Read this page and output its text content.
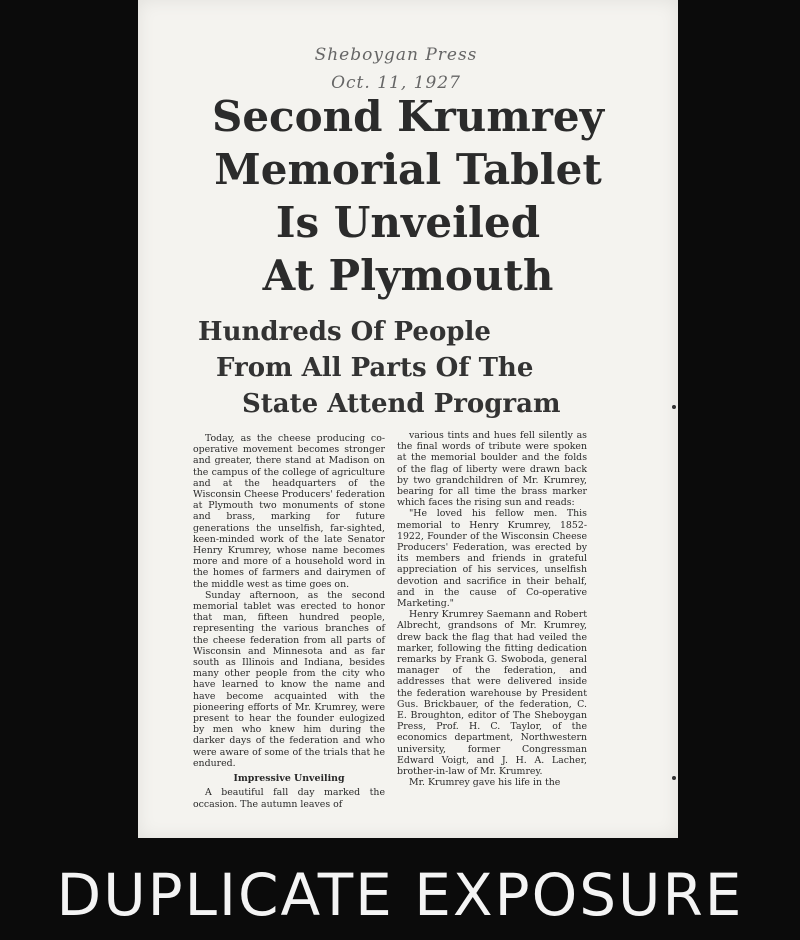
Sheboygan Press
Oct. 11, 1927
Second Krumrey
Memorial Tablet
Is Unveiled
At Plymouth
Hundreds Of People
From All Parts Of The
State Attend Program

Today, as the cheese producing co-operative movement becomes stronger and greater, there stand at Madison on the campus of the college of agriculture and at the headquarters of the Wisconsin Cheese Producers' federation at Plymouth two monuments of stone and brass, marking for future generations the unselfish, far-sighted, keen-minded work of the late Senator Henry Krumrey, whose name becomes more and more of a household word in the homes of farmers and dairymen of the middle west as time goes on.

Sunday afternoon, as the second memorial tablet was erected to honor that man, fifteen hundred people, representing the various branches of the cheese federation from all parts of Wisconsin and Minnesota and as far south as Illinois and Indiana, besides many other people from the city who have learned to know the name and have become acquainted with the pioneering efforts of Mr. Krumrey, were present to hear the founder eulogized by men who knew him during the darker days of the federation and who were aware of some of the trials that he endured.

Impressive Unveiling

A beautiful fall day marked the occasion. The autumn leaves of

various tints and hues fell silently as the final words of tribute were spoken at the memorial boulder and the folds of the flag of liberty were drawn back by two grandchildren of Mr. Krumrey, bearing for all time the brass marker which faces the rising sun and reads:

"He loved his fellow men. This memorial to Henry Krumrey, 1852-1922, Founder of the Wisconsin Cheese Producers' Federation, was erected by its members and friends in grateful appreciation of his services, unselfish devotion and sacrifice in their behalf, and in the cause of Co-operative Marketing."

Henry Krumrey Saemann and Robert Albrecht, grandsons of Mr. Krumrey, drew back the flag that had veiled the marker, following the fitting dedication remarks by Frank G. Swoboda, general manager of the federation, and addresses that were delivered inside the federation warehouse by President Gus. Brickbauer, of the federation, C. E. Broughton, editor of The Sheboygan Press, Prof. H. C. Taylor, of the economics department, Northwestern university, former Congressman Edward Voigt, and J. H. A. Lacher, brother-in-law of Mr. Krumrey.

Mr. Krumrey gave his life in the

DUPLICATE EXPOSURE
